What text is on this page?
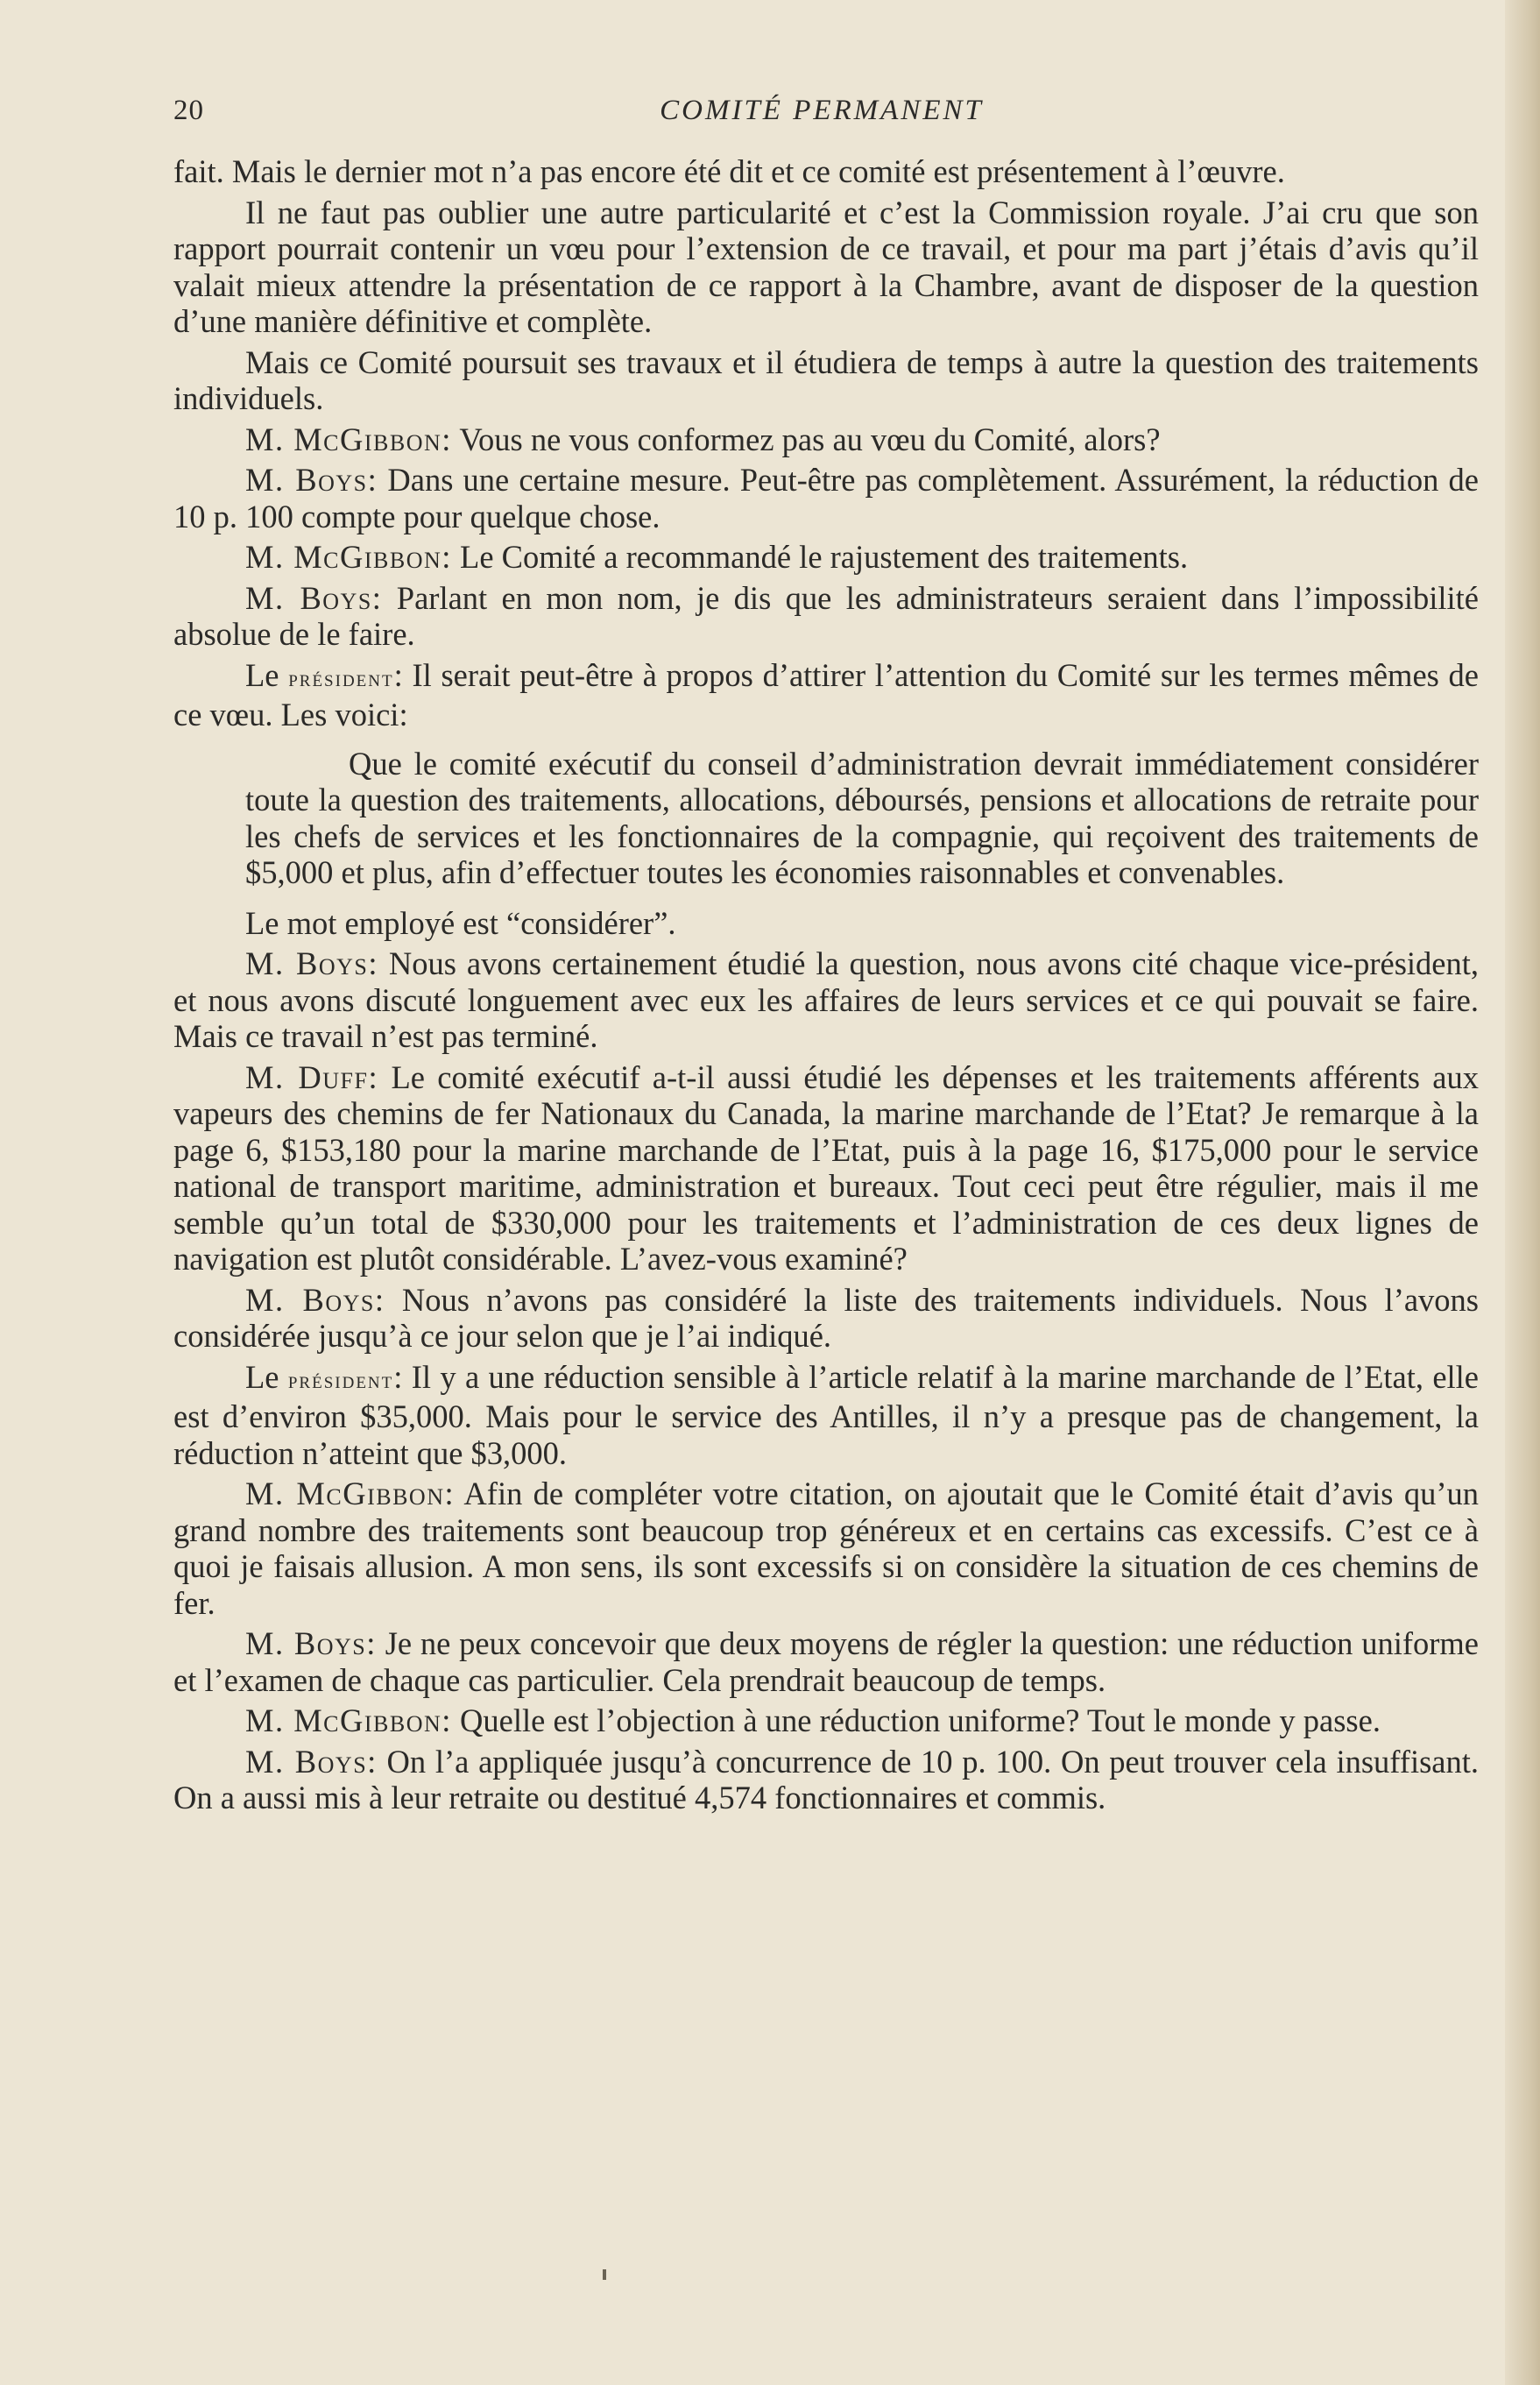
20	COMITÉ PERMANENT

fait. Mais le dernier mot n’a pas encore été dit et ce comité est présentement à l’œuvre.

Il ne faut pas oublier une autre particularité et c’est la Commission royale. J’ai cru que son rapport pourrait contenir un vœu pour l’extension de ce travail, et pour ma part j’étais d’avis qu’il valait mieux attendre la présentation de ce rapport à la Chambre, avant de disposer de la question d’une manière définitive et complète.

Mais ce Comité poursuit ses travaux et il étudiera de temps à autre la question des traitements individuels.

M. McGibbon: Vous ne vous conformez pas au vœu du Comité, alors?

M. Boys: Dans une certaine mesure. Peut-être pas complètement. Assurément, la réduction de 10 p. 100 compte pour quelque chose.

M. McGibbon: Le Comité a recommandé le rajustement des traitements.

M. Boys: Parlant en mon nom, je dis que les administrateurs seraient dans l’impossibilité absolue de le faire.

Le président: Il serait peut-être à propos d’attirer l’attention du Comité sur les termes mêmes de ce vœu. Les voici:

Que le comité exécutif du conseil d’administration devrait immédiatement considérer toute la question des traitements, allocations, déboursés, pensions et allocations de retraite pour les chefs de services et les fonctionnaires de la compagnie, qui reçoivent des traitements de $5,000 et plus, afin d’effectuer toutes les économies raisonnables et convenables.

Le mot employé est “considérer”.

M. Boys: Nous avons certainement étudié la question, nous avons cité chaque vice-président, et nous avons discuté longuement avec eux les affaires de leurs services et ce qui pouvait se faire. Mais ce travail n’est pas terminé.

M. Duff: Le comité exécutif a-t-il aussi étudié les dépenses et les traitements afférents aux vapeurs des chemins de fer Nationaux du Canada, la marine marchande de l’Etat? Je remarque à la page 6, $153,180 pour la marine marchande de l’Etat, puis à la page 16, $175,000 pour le service national de transport maritime, administration et bureaux. Tout ceci peut être régulier, mais il me semble qu’un total de $330,000 pour les traitements et l’administration de ces deux lignes de navigation est plutôt considérable. L’avez-vous examiné?

M. Boys: Nous n’avons pas considéré la liste des traitements individuels. Nous l’avons considérée jusqu’à ce jour selon que je l’ai indiqué.

Le président: Il y a une réduction sensible à l’article relatif à la marine marchande de l’Etat, elle est d’environ $35,000. Mais pour le service des Antilles, il n’y a presque pas de changement, la réduction n’atteint que $3,000.

M. McGibbon: Afin de compléter votre citation, on ajoutait que le Comité était d’avis qu’un grand nombre des traitements sont beaucoup trop généreux et en certains cas excessifs. C’est ce à quoi je faisais allusion. A mon sens, ils sont excessifs si on considère la situation de ces chemins de fer.

M. Boys: Je ne peux concevoir que deux moyens de régler la question: une réduction uniforme et l’examen de chaque cas particulier. Cela prendrait beaucoup de temps.

M. McGibbon: Quelle est l’objection à une réduction uniforme? Tout le monde y passe.

M. Boys: On l’a appliquée jusqu’à concurrence de 10 p. 100. On peut trouver cela insuffisant. On a aussi mis à leur retraite ou destitué 4,574 fonctionnaires et commis.
